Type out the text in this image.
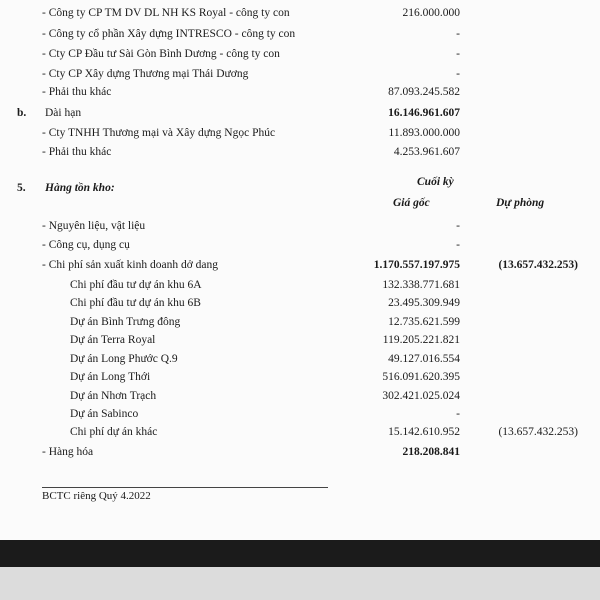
- Công ty CP TM DV DL NH KS Royal - công ty con	216.000.000
- Công ty cổ phần Xây dựng INTRESCO - công ty con	-
- Cty CP Đầu tư Sài Gòn Bình Dương - công ty con	-
- Cty CP Xây dựng Thương mại Thái Dương	-
- Phải thu khác	87.093.245.582
b. Dài hạn	16.146.961.607
- Cty TNHH Thương mại và Xây dựng Ngọc Phúc	11.893.000.000
- Phải thu khác	4.253.961.607
5. Hàng tồn kho:	Cuối kỳ
Giá gốc	Dự phòng
- Nguyên liệu, vật liệu	-
- Công cụ, dụng cụ	-
- Chi phí sản xuất kinh doanh dở dang	1.170.557.197.975	(13.657.432.253)
Chi phí đầu tư dự án khu 6A	132.338.771.681
Chi phí đầu tư dự án khu 6B	23.495.309.949
Dự án Bình Trưng đông	12.735.621.599
Dự án Terra Royal	119.205.221.821
Dự án Long Phước Q.9	49.127.016.554
Dự án Long Thới	516.091.620.395
Dự án Nhơn Trạch	302.421.025.024
Dự án Sabinco	-
Chi phí dự án khác	15.142.610.952	(13.657.432.253)
- Hàng hóa	218.208.841
BCTC riêng Quý 4.2022
